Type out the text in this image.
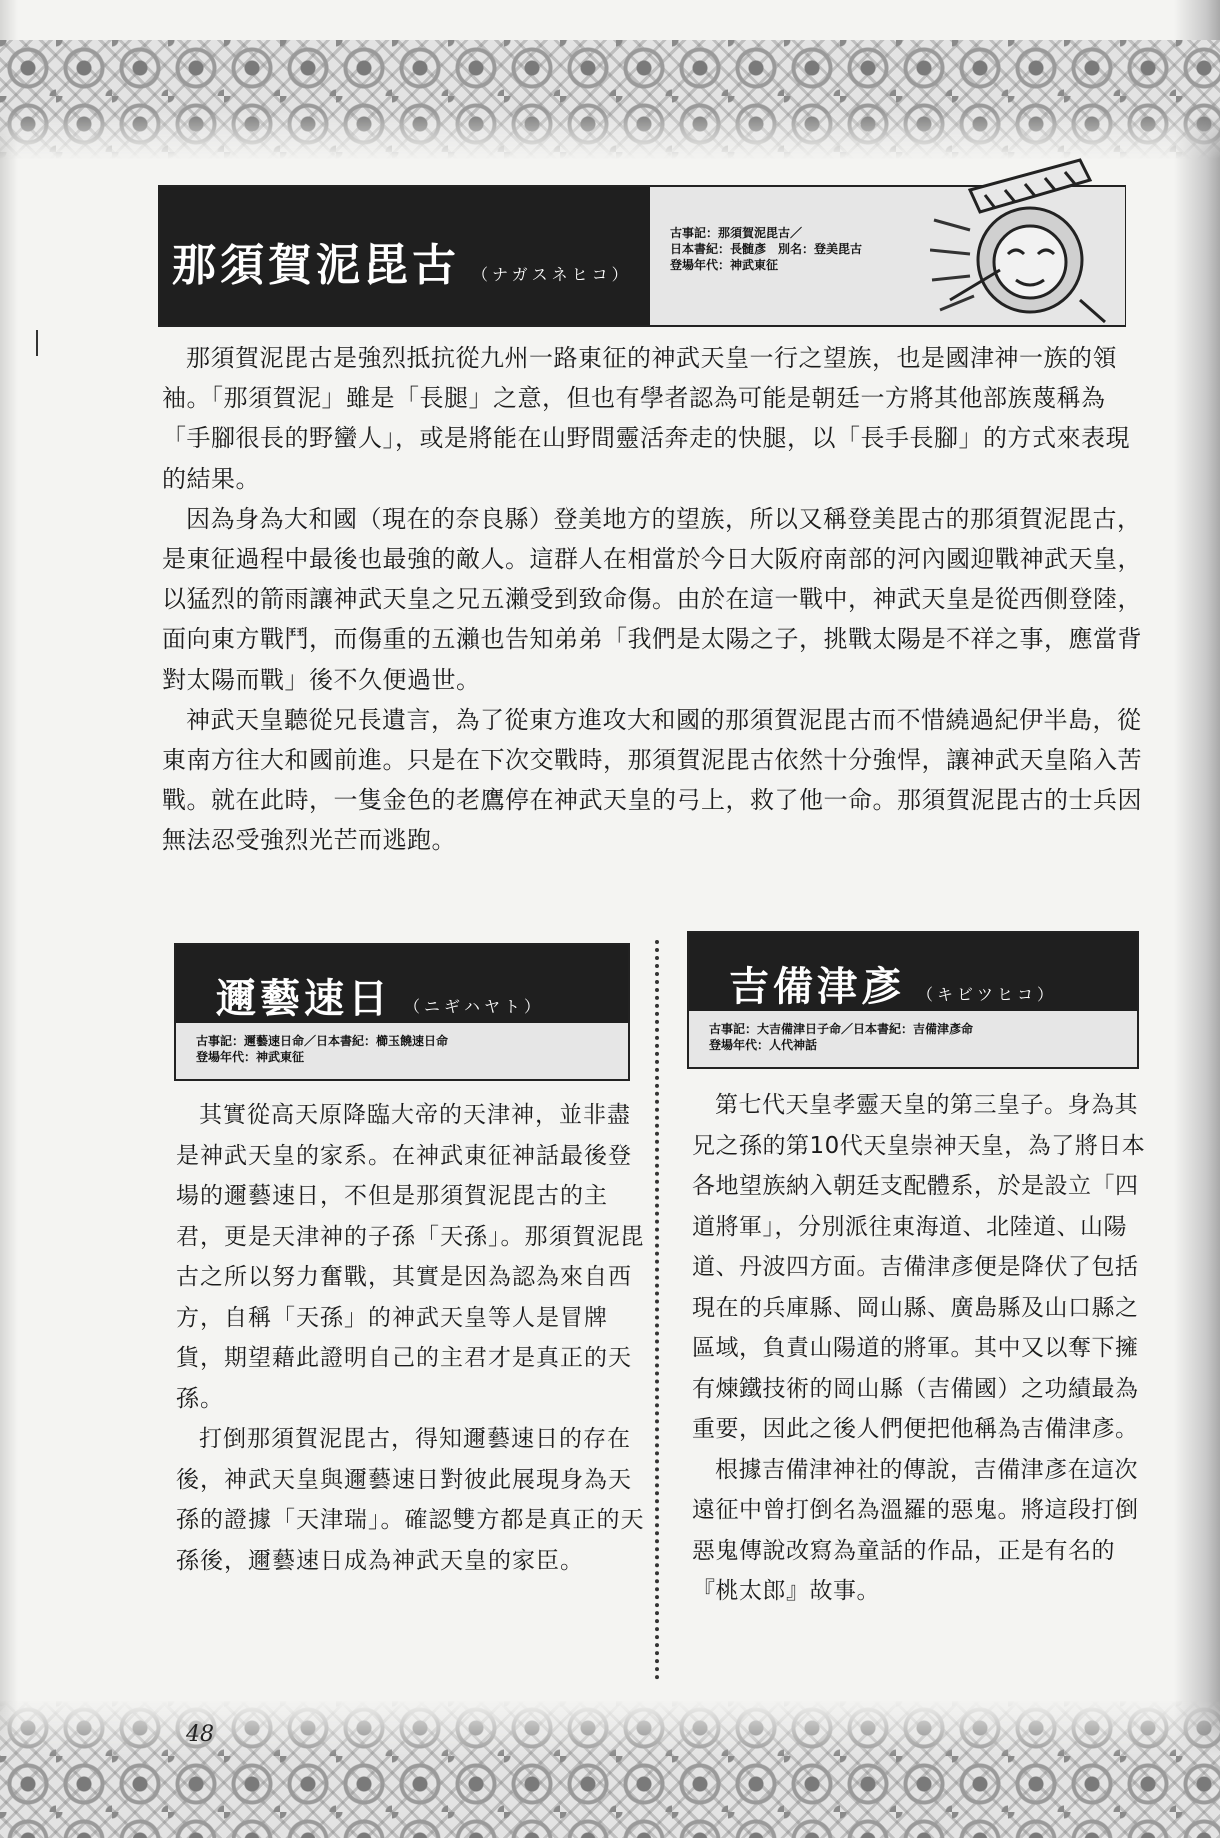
那須賀泥毘古 （ナガスネヒコ）
古事記：那須賀泥毘古／
日本書紀：長髄彥　別名：登美毘古
登場年代：神武東征

那須賀泥毘古是強烈抵抗從九州一路東征的神武天皇一行之望族，也是國津神一族的領袖。「那須賀泥」雖是「長腿」之意，但也有學者認為可能是朝廷一方將其他部族蔑稱為「手腳很長的野蠻人」，或是將能在山野間靈活奔走的快腿，以「長手長腳」的方式來表現的結果。

因為身為大和國（現在的奈良縣）登美地方的望族，所以又稱登美毘古的那須賀泥毘古，是東征過程中最後也最強的敵人。這群人在相當於今日大阪府南部的河內國迎戰神武天皇，以猛烈的箭雨讓神武天皇之兄五瀨受到致命傷。由於在這一戰中，神武天皇是從西側登陸，面向東方戰鬥，而傷重的五瀨也告知弟弟「我們是太陽之子，挑戰太陽是不祥之事，應當背對太陽而戰」後不久便過世。

神武天皇聽從兄長遺言，為了從東方進攻大和國的那須賀泥毘古而不惜繞過紀伊半島，從東南方往大和國前進。只是在下次交戰時，那須賀泥毘古依然十分強悍，讓神武天皇陷入苦戰。就在此時，一隻金色的老鷹停在神武天皇的弓上，救了他一命。那須賀泥毘古的士兵因無法忍受強烈光芒而逃跑。

邇藝速日 （ニギハヤト）
古事記：邇藝速日命／日本書紀：櫛玉饒速日命
登場年代：神武東征
吉備津彥 （キビツヒコ）
古事記：大吉備津日子命／日本書紀：吉備津彥命
登場年代：人代神話

其實從高天原降臨大帝的天津神，並非盡是神武天皇的家系。在神武東征神話最後登場的邇藝速日，不但是那須賀泥毘古的主君，更是天津神的子孫「天孫」。那須賀泥毘古之所以努力奮戰，其實是因為認為來自西方，自稱「天孫」的神武天皇等人是冒牌貨，期望藉此證明自己的主君才是真正的天孫。

打倒那須賀泥毘古，得知邇藝速日的存在後，神武天皇與邇藝速日對彼此展現身為天孫的證據「天津瑞」。確認雙方都是真正的天孫後，邇藝速日成為神武天皇的家臣。

第七代天皇孝靈天皇的第三皇子。身為其兄之孫的第10代天皇崇神天皇，為了將日本各地望族納入朝廷支配體系，於是設立「四道將軍」，分別派往東海道、北陸道、山陽道、丹波四方面。吉備津彥便是降伏了包括現在的兵庫縣、岡山縣、廣島縣及山口縣之區域，負責山陽道的將軍。其中又以奪下擁有煉鐵技術的岡山縣（吉備國）之功績最為重要，因此之後人們便把他稱為吉備津彥。

根據吉備津神社的傳說，吉備津彥在這次遠征中曾打倒名為溫羅的惡鬼。將這段打倒惡鬼傳說改寫為童話的作品，正是有名的『桃太郎』故事。

48
